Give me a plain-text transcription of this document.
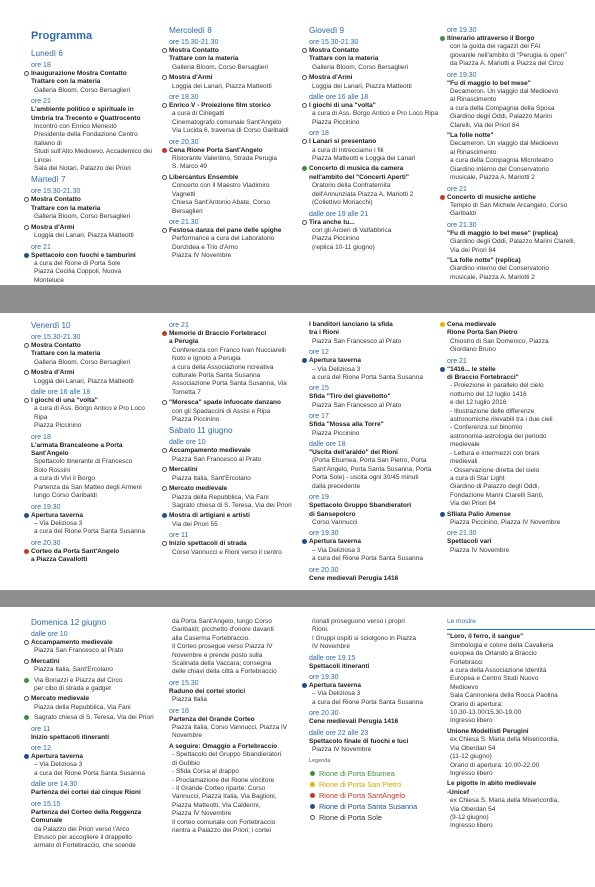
Programma
Lunedì 6
ore 18
Inaugurazione Mostra Contatto
Trattare con la materia
Galleria Bloom, Corso Bersaglieri
ore 21
L'ambiente politico e spirituale in
Umbria tra Trecento e Quattrocento
Incontro con Enrico Menestò
Presidente della Fondazione Centro Italiano di
Studi sull'Alto Medioevo, Accademico dei Lincei
Sala dei Notari, Palazzo dei Priori
Martedì 7
ore 15.30-21.30
Mostra Contatto
Trattare con la materia
Galleria Bloom, Corso Bersaglieri
Mostra d'Armi
Loggia dei Lanari, Piazza Matteotti
ore 21
Spettacolo con fuochi e tamburini
a cura del Rione di Porta Sole
Piazza Cecilia Coppoli, Nuova
Monteluce
Mercoledì 8
ore 15.30-21.30
Mostra Contatto
Trattare con la materia
Galleria Bloom, Corso Bersaglieri
Mostra d'Armi
Loggia dei Lanari, Piazza Matteotti
ore 18.30
Enrico V - Proiezione film storico
a cura di Cinegatti
Cinematografo comunale Sant'Angelo
Via Lucida 6, traversa di Corso Garibaldi
ore 20.30
Cena Rione Porta Sant'Angelo
Ristorante Valentino, Strada Perugia
S. Marco 49
Libercantus Ensemble
Concerto con il Maestro Vladimiro
Vagnetti
Chiesa Sant'Antonio Abate, Corso
Bersaglieri
ore 21.30
Festosa danza del pane delle spighe
Performance a cura del Laboratorio
Donzidea e Trio d'Arno
Piazza IV Novembre
Giovedì 9
ore 15.30-21.30
Mostra Contatto
Trattare con la materia
Galleria Bloom, Corso Bersaglieri
Mostra d'Armi
Loggia dei Lanari, Piazza Matteotti
dalle ore 16 alle 18
I giochi di una "volta"
a cura di Ass. Borgo Antico e Pro Loco Ripa
Piazza Piccinino
ore 18
I Lanari si presentano
a cura di Intrecciamo i fili
Piazza Matteotti e Loggia dei Lanari
Concerto di musica da camera
nell'ambito del "Concerti Aperti"
Oratorio della Confraternita
dell'Annunziata Piazza A. Mariotti 2
(Collettivo Moriacchi)
dalle ore 19 alle 21
Tira anche tu...
con gli Arcieri di Valfabbrica
Piazza Piccinino
(replica 10-11 giugno)
ore 19.30
Itinerario attraverso il Borgo
con la guida dei ragazzi del FAI
giovanile nell'ambito di "Perugia is open"
da Piazza A. Mariotti a Piazza del Circo
ore 19.30
"Fu di maggio lo bel mese"
Decameron. Un viaggio dal Medioevo
al Rinascimento
a cura della Compagnia della Sposa
Giardino degli Oddi, Palazzo Marini
Clarelli, Via dei Priori 84
"La folle notte"
Decameron. Un viaggio dal Medioevo
al Rinascimento
a cura della Compagnia Microteatro
Giardino interno del Conservatorio
musicale, Piazza A. Mariotti 2
ore 21
Concerto di musiche antiche
Tempio di San Michele Arcangelo, Corso
Garibaldi
ore 21.30
"Fu di maggio lo bel mese" (replica)
Giardino degli Oddi, Palazzo Marini Clarelli,
Via dei Priori 84
"La folle notte" (replica)
Giardino interno del Conservatorio
musicale, Piazza A. Mariotti 2
Venerdì 10
ore 15.30-21.30
Mostra Contatto
Trattare con la materia
Galleria Bloom, Corso Bersaglieri
Mostra d'Armi
Loggia dei Lanari, Piazza Matteotti
dalle ore 16 alle 18
I giochi di una "volta"
a cura di Ass. Borgo Antico e Pro Loco
Ripa
Piazza Piccinino
ore 18
L'armata Brancaleone a Porta
Sant'Angelo
Spettacolo itinerante di Francesco
Bolo Rossini
a cura di Vivi il Borgo
Partenza da San Matteo degli Armeni
lungo Corso Garibaldi
ore 19.30
Apertura taverna
– Via Deliziosa 3
a cura del Rione Porta Santa Susanna
ore 20.30
Corteo da Porta Sant'Angelo
a Piazza Cavallotti
ore 21
Memorie di Braccio Fortebracci
a Perugia
Conferenza con Franco Ivan Nucciarelli
Noto e Ignoto a Perugia
a cura della Associazione ricreativa
culturale Porta Santa Susanna
Associazione Porta Santa Susanna, Via
Tornetta 7
"Moresca" spade infuocate danzano
con gli Spadaccini di Assisi e Ripa
Piazza Piccinino
Sabato 11 giugno
dalle ore 10
Accampamento medievale
Piazza San Francesco al Prato
Mercatini
Piazza Italia, Sant'Ercolano
Mercato medievale
Piazza della Repubblica, Via Fani
Sagrato chiesa di S. Teresa, Via dei Priori
Mostra di artigiani e artisti
Via dei Priori 55
ore 11
Inizio spettacoli di strada
Corso Vannucci e Rioni verso il centro
I banditori lanciano la sfida
tra i Rioni
Piazza San Francesco al Prato
ore 12
Apertura taverna
– Via Deliziosa 3
a cura del Rione Porta Santa Susanna
ore 15
Sfida "Tiro del giavellotto"
Piazza San Francesco al Prato
ore 17
Sfida "Mossa alla Torre"
Piazza Piccinino
dalle ore 18
"Uscita dell'araldo" dei Rioni
(Porta Eburnea, Porta San Pietro, Porta
Sant'Angelo, Porta Santa Susanna, Porta
Porta Sole) - uscita ogni 30/45 minuti
dalla precedente
ore 19
Spettacolo Gruppo Sbandieratori
di Sansepolcro
Corso Vannucci
ore 19.30
Apertura taverna
– Via Deliziosa 3
a cura del Rione Porta Santa Susanna
ore 20.30
Cene medievali Perugia 1416
Cena medievale
Rione Porta San Pietro
Chiostro di San Domenico, Piazza
Giordano Bruno
ore 21
"1416... le stelle
di Braccio Fortebracci"
- Proiezione in parallelo del cielo
notturno del 12 luglio 1416
e del 12 luglio 2016
- Illustrazione delle differenze
astronomiche rilevabili tra i due cieli
- Conferenza sul binomio
astronomia-astrologia del periodo
medievale
- Lettura e intermezzi con brani
medievali
- Osservazione diretta del cielo
a cura di Star Light
Giardino di Palazzo degli Oddi,
Fondazione Marini Clarelli Santi,
Via dei Priori 84
Sfilata Palio Amense
Piazza Piccinino, Piazza IV Novembre
ore 21.30
Spettacoli vari
Piazza IV Novembre
Domenica 12 giugno
dalle ore 10
Accampamento medievale
Piazza San Francesco al Prato
Mercatini
Piazza Italia, Sant'Ercolano
Via Bonazzi e Piazza del Circo
per cibo di strada e gadget
Mercato medievale
Piazza della Repubblica, Via Fani
Sagrato chiesa di S. Teresa, Via dei Priori
ore 11
Inizio spettacoli itineranti
ore 12
Apertura taverna
– Via Deliziosa 3
a cura del Rione Porta Santa Susanna
dalle ore 14.30
Partenza dei cortei dai cinque Rioni
ore 15.15
Partenza del Corteo della Reggenza
Comunale
da Palazzo dei Priori verso l'Arco
Etrusco per accogliere il drappello
armato di Fortebraccio, che scende
da Porta Sant'Angelo, lungo Corso
Garibaldi; picchetto d'onore davanti
alla Caserma Fortebraccio.
Il Corteo prosegue verso Piazza IV
Novembre e prende posto sulla
Scalinata della Vaccara; consegna
delle chiavi della città a Fortebraccio
ore 15.30
Raduno dei cortei storici
Piazza Italia
ore 16
Partenza del Grande Corteo
Piazza Italia, Corso Vannucci, Piazza IV
Novembre
A seguire: Omaggio a Fortebraccio
- Spettacolo del Gruppo Sbandieratori
di Gubbio
- Sfida Corsa al drappo
- Proclamazione del Rione vincitore
- Il Grande Corteo riparte: Corso
Vannucci, Piazza Italia, Via Baglioni,
Piazza Matteotti, Via Calderini,
Piazza IV Novembre
Il corteo comunale con Fortebraccio
rientra a Palazzo dei Priori; i cortei
rionali proseguono verso i propri
Rioni.
I Gruppi ospiti si sciolgono in Piazza
IV Novembre
dalle ore 19.15
Spettacoli itineranti
ore 19.30
Apertura taverna
– Via Deliziosa 3
a cura del Rione Porta Santa Susanna
ore 20.30
Cene medievali Perugia 1416
dalle ore 22 alle 23
Spettacolo finale di fuochi e luci
Piazza IV Novembre
Legenda
Rione di Porta Eburnea
Rione di Porta San Pietro
Rione di Porta SantAngelo
Rione di Porta Santa Susanna
Rione di Porta Sole
Le mostre
"Loro, il ferro, il sangue"
Simbologia e colore della Cavalleria
europea da Orlando a Braccio
Fortebracci
a cura della Associazione Identità
Europea e Centro Studi Nuovo
Medioevo
Sala Cannoniera della Rocca Paolina
Orario di apertura:
10.30-13.00/15.30-19.00
Ingresso libero
Unione Modellisti Perugini
ex Chiesa S. Maria della Misericordia,
Via Oberdan 54
(11-12 giugno)
Orario di apertura: 10.00-22.00
Ingresso libero
Le pigotte in abito medievale
-Unicef
ex Chiesa S. Maria della Misericordia,
Via Oberdan 54
(9-12 giugno)
Ingresso libero
